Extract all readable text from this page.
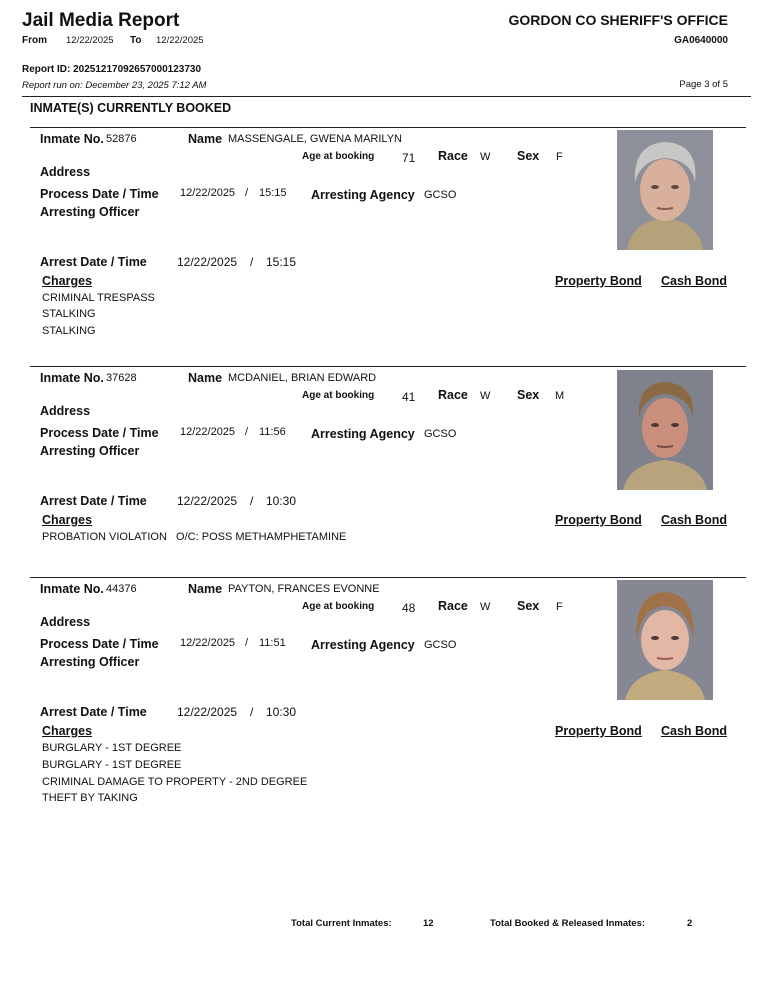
Jail Media Report	GORDON CO SHERIFF'S OFFICE
From 12/22/2025 To 12/22/2025	GA0640000
Report ID: 20251217092657000123730
Report run on: December 23, 2025 7:12 AM	Page 3 of 5
INMATE(S) CURRENTLY BOOKED
Inmate No. 52876	Name MASSENGALE, GWENA MARILYN
Age at booking 71 Race W Sex F
Address
Process Date / Time 12/22/2025 / 15:15 Arresting Agency GCSO
Arresting Officer
Arrest Date / Time	12/22/2025 / 15:15
Charges	Property Bond Cash Bond
CRIMINAL TRESPASS
STALKING
STALKING
Inmate No. 37628	Name MCDANIEL, BRIAN EDWARD
Age at booking 41 Race W Sex M
Address
Process Date / Time 12/22/2025 / 11:56 Arresting Agency GCSO
Arresting Officer
Arrest Date / Time	12/22/2025 / 10:30
Charges	Property Bond Cash Bond
PROBATION VIOLATION   O/C: POSS METHAMPHETAMINE
Inmate No. 44376	Name PAYTON, FRANCES EVONNE
Age at booking 48 Race W Sex F
Address
Process Date / Time 12/22/2025 / 11:51 Arresting Agency GCSO
Arresting Officer
Arrest Date / Time	12/22/2025 / 10:30
Charges	Property Bond Cash Bond
BURGLARY - 1ST DEGREE
BURGLARY - 1ST DEGREE
CRIMINAL DAMAGE TO PROPERTY - 2ND DEGREE
THEFT BY TAKING
Total Current Inmates:	12	Total Booked & Released Inmates:	2
